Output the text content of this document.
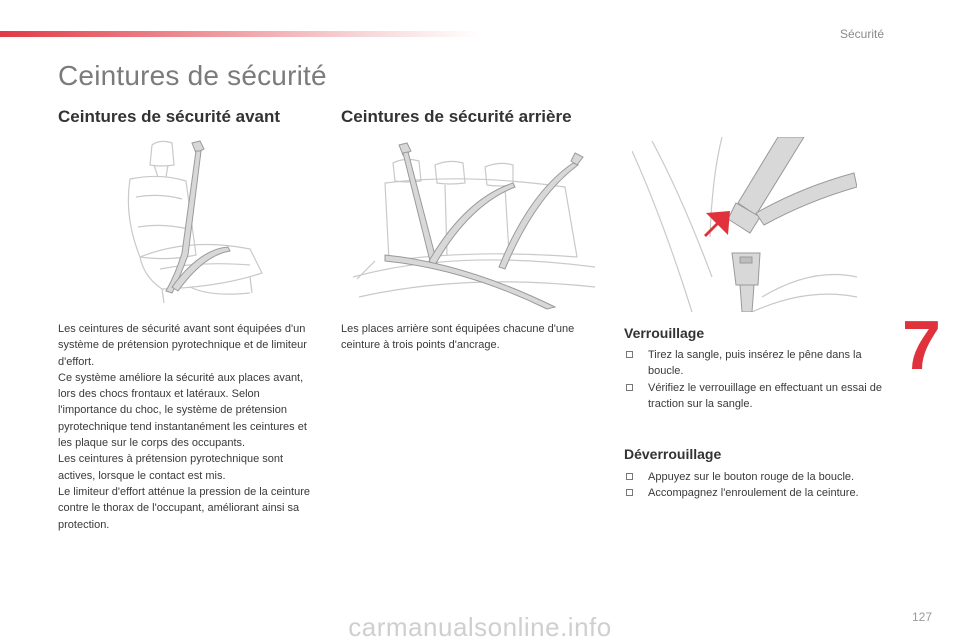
Sécurité
Ceintures de sécurité
Ceintures de sécurité avant	Ceintures de sécurité arrière

Les ceintures de sécurité avant sont équipées d'un système de prétension pyrotechnique et de limiteur d'effort.

Ce système améliore la sécurité aux places avant, lors des chocs frontaux et latéraux. Selon l'importance du choc, le système de prétension pyrotechnique tend instantanément les ceintures et les plaque sur le corps des occupants.

Les ceintures à prétension pyrotechnique sont actives, lorsque le contact est mis.

Le limiteur d'effort atténue la pression de la ceinture contre le thorax de l'occupant, améliorant ainsi sa protection.

Les places arrière sont équipées chacune d'une ceinture à trois points d'ancrage.
Verrouillage
Tirez la sangle, puis insérez le pêne dans la boucle.
Vérifiez le verrouillage en effectuant un essai de traction sur la sangle.
Déverrouillage
Appuyez sur le bouton rouge de la boucle.
Accompagnez l'enroulement de la ceinture.
7
127
carmanualsonline.info
